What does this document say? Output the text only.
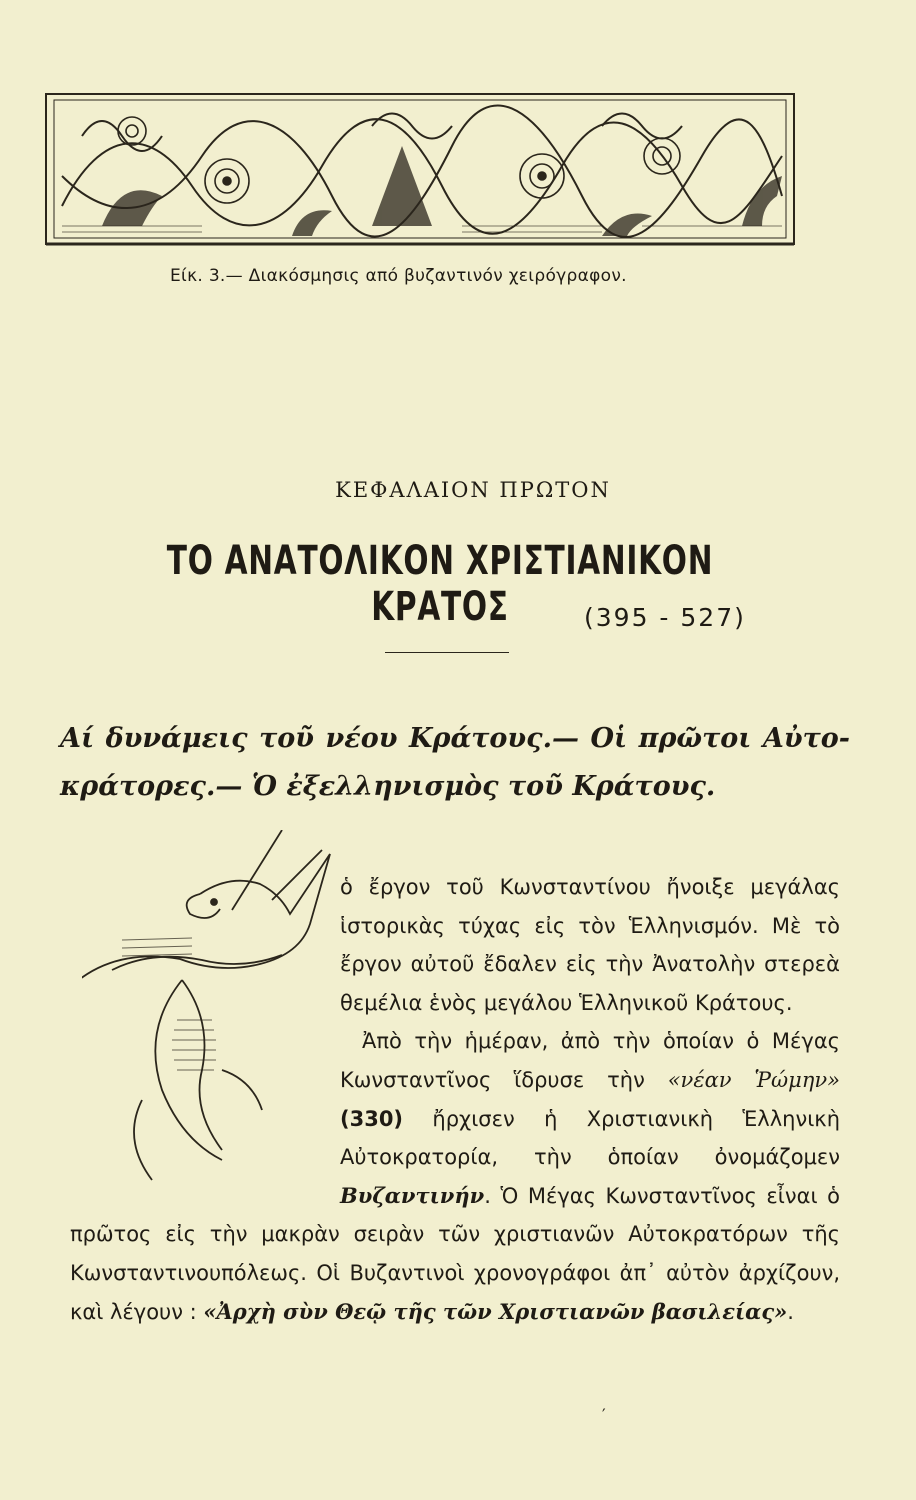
Είκ. 3.— Διακόσμησις από βυζαντινόν χειρόγραφον.
ΚΕΦΑΛΑΙΟΝ ΠΡΩΤΟΝ
ΤΟ ΑΝΑΤΟΛΙΚΟΝ ΧΡΙΣΤΙΑΝΙΚΟΝ ΚΡΑΤΟΣ	(395 - 527)
Αί δυνάμεις τοῦ νέου Κράτους.— Οἱ πρῶτοι Αὐτο-
κράτορες.— Ὁ ἐξελληνισμὸς τοῦ Κράτους.

ὁ ἔργον τοῦ Κωνσταντίνου ἤνοιξε μεγάλας ἱστορικὰς τύχας εἰς τὸν Ἑλληνισμόν. Μὲ τὸ ἔργον αὐτοῦ ἔδαλεν εἰς τὴν Ἀνατολὴν στερεὰ θεμέλια ἑνὸς μεγάλου Ἑλληνικοῦ Κράτους.

Ἀπὸ τὴν ἡμέραν, ἀπὸ τὴν ὁποίαν ὁ Μέγας Κωνσταντῖνος ἵδρυσε τὴν «νέαν Ῥώμην» (330) ἤρχισεν ἡ Χριστιανικὴ Ἑλληνικὴ Αὐτοκρατορία, τὴν ὁποίαν ὀνομάζομεν Βυζαντινήν. Ὁ Μέγας Κωνσταντῖνος εἶναι ὁ πρῶτος εἰς τὴν μακρὰν σειρὰν τῶν χριστιανῶν Αὐτοκρατόρων τῆς Κωνσταντινουπόλεως. Οἱ Βυζαντινοὶ χρονογράφοι ἀπ᾽ αὐτὸν ἀρχίζουν, καὶ λέγουν : «Ἀρχὴ σὺν Θεῷ τῆς τῶν Χριστιανῶν βασιλείας».

′
